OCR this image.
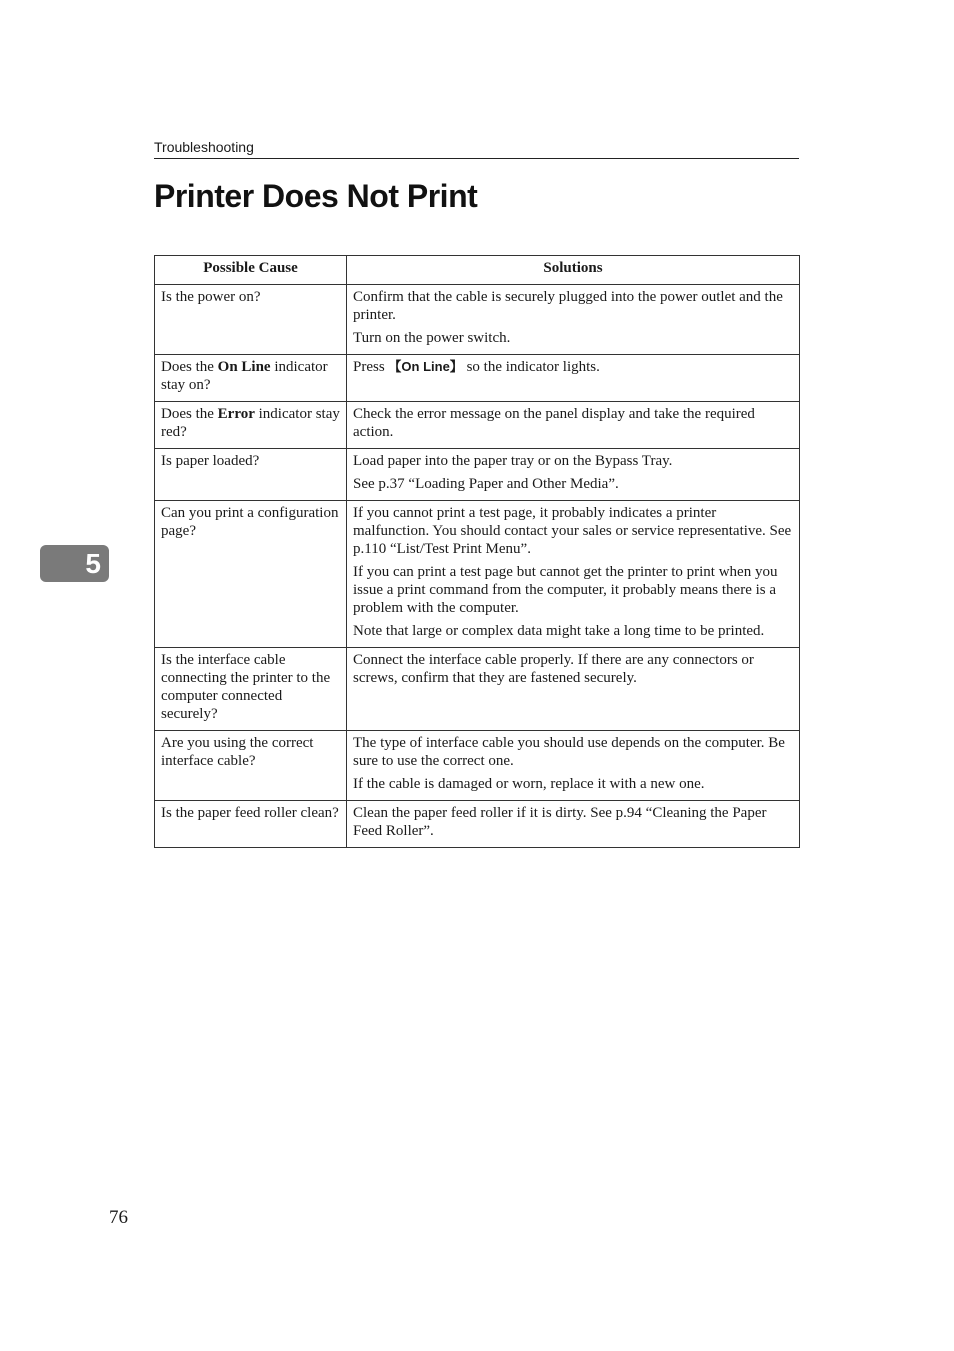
Troubleshooting
Printer Does Not Print
5
Possible Cause	Solutions
Is the power on?	Confirm that the cable is securely plugged into the power outlet and the printer.

Turn on the power switch.

Does the On Line indicator stay on?	Press 【On Line】 so the indicator lights.

Does the Error indicator stay red?	Check the error message on the panel display and take the required action.

Is paper loaded?	Load paper into the paper tray or on the Bypass Tray.

See p.37 “Loading Paper and Other Media”.

Can you print a configuration page?	If you cannot print a test page, it probably indicates a printer malfunction. You should contact your sales or service representative. See p.110 “List/Test Print Menu”.

If you can print a test page but cannot get the printer to print when you issue a print command from the computer, it probably means there is a problem with the computer.

Note that large or complex data might take a long time to be printed.

Is the interface cable connecting the printer to the computer connected securely?	Connect the interface cable properly. If there are any connectors or screws, confirm that they are fastened securely.

Are you using the correct interface cable?	The type of interface cable you should use depends on the computer. Be sure to use the correct one.

If the cable is damaged or worn, replace it with a new one.

Is the paper feed roller clean?	Clean the paper feed roller if it is dirty. See p.94 “Cleaning the Paper Feed Roller”.

76
